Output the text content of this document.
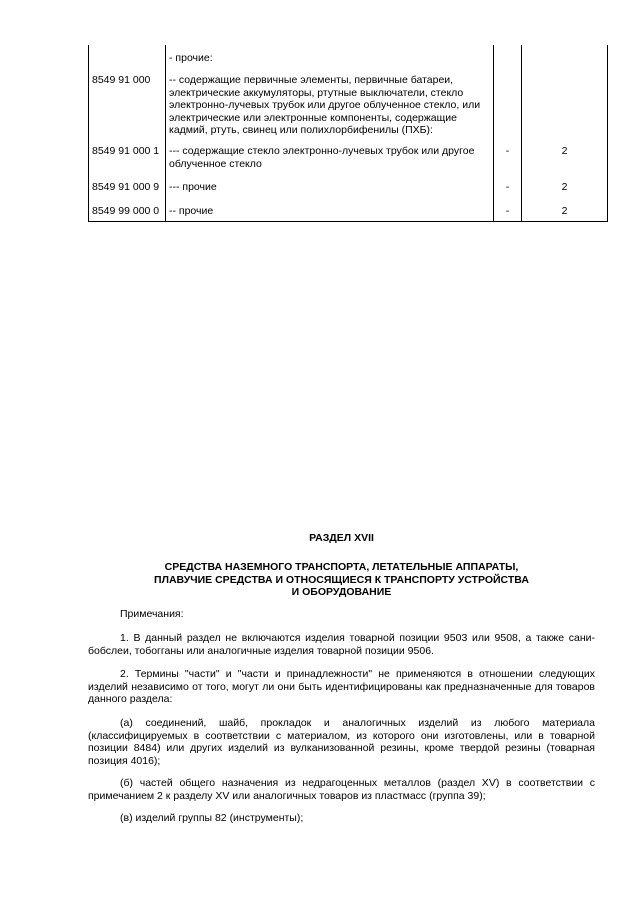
	- прочие:		
8549 91 000	-- содержащие первичные элементы, первичные батареи, электрические аккумуляторы, ртутные выключатели, стекло электронно-лучевых трубок или другое облученное стекло, или электрические или электронные компоненты, содержащие кадмий, ртуть, свинец или полихлорбифенилы (ПХБ):		
8549 91 000 1	--- содержащие стекло электронно-лучевых трубок или другое облученное стекло	-	2
8549 91 000 9	--- прочие	-	2
8549 99 000 0	-- прочие	-	2
РАЗДЕЛ XVII
СРЕДСТВА НАЗЕМНОГО ТРАНСПОРТА, ЛЕТАТЕЛЬНЫЕ АППАРАТЫ,
ПЛАВУЧИЕ СРЕДСТВА И ОТНОСЯЩИЕСЯ К ТРАНСПОРТУ УСТРОЙСТВА
И ОБОРУДОВАНИЕ
Примечания:
1. В данный раздел не включаются изделия товарной позиции 9503 или 9508, а также сани-бобслеи, тобогганы или аналогичные изделия товарной позиции 9506.
2. Термины "части" и "части и принадлежности" не применяются в отношении следующих изделий независимо от того, могут ли они быть идентифицированы как предназначенные для товаров данного раздела:
(а) соединений, шайб, прокладок и аналогичных изделий из любого материала (классифицируемых в соответствии с материалом, из которого они изготовлены, или в товарной позиции 8484) или других изделий из вулканизованной резины, кроме твердой резины (товарная позиция 4016);
(б) частей общего назначения из недрагоценных металлов (раздел XV) в соответствии с примечанием 2 к разделу XV или аналогичных товаров из пластмасс (группа 39);
(в) изделий группы 82 (инструменты);
